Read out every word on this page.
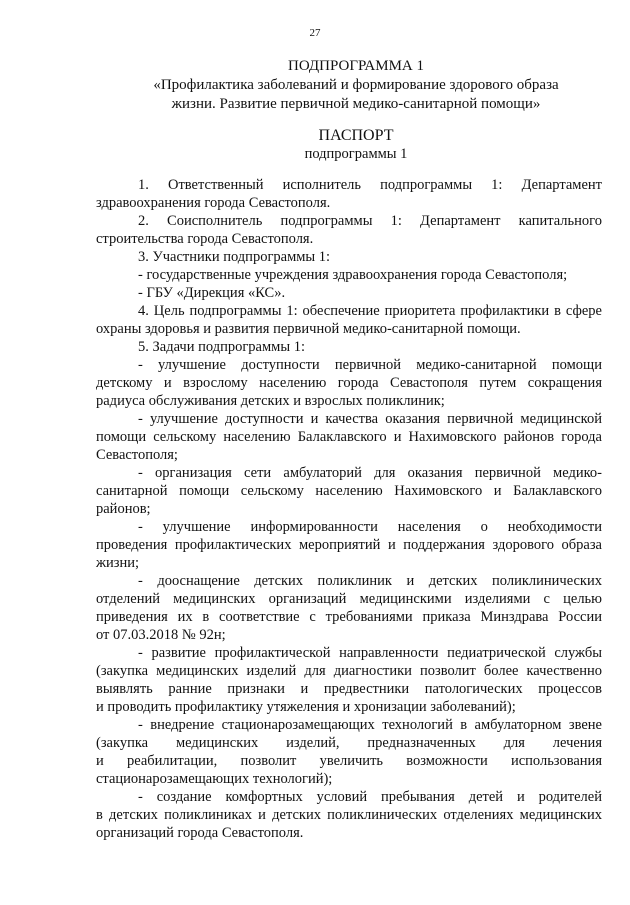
27
ПОДПРОГРАММА 1
«Профилактика заболеваний и формирование здорового образа
жизни. Развитие первичной медико-санитарной помощи»
ПАСПОРТ
подпрограммы 1
1. Ответственный исполнитель подпрограммы 1: Департамент
здравоохранения города Севастополя.
2. Соисполнитель подпрограммы 1: Департамент капитального
строительства города Севастополя.
3. Участники подпрограммы 1:
- государственные учреждения здравоохранения города Севастополя;
- ГБУ «Дирекция «КС».
4. Цель подпрограммы 1: обеспечение приоритета профилактики в сфере
охраны здоровья и развития первичной медико-санитарной помощи.
5. Задачи подпрограммы 1:
- улучшение доступности первичной медико-санитарной помощи
детскому и взрослому населению города Севастополя путем сокращения
радиуса обслуживания детских и взрослых поликлиник;
- улучшение доступности и качества оказания первичной медицинской
помощи сельскому населению Балаклавского и Нахимовского районов города
Севастополя;
- организация сети амбулаторий для оказания первичной медико-
санитарной помощи сельскому населению Нахимовского и Балаклавского
районов;
- улучшение информированности населения о необходимости
проведения профилактических мероприятий и поддержания здорового образа
жизни;
- дооснащение детских поликлиник и детских поликлинических
отделений медицинских организаций медицинскими изделиями с целью
приведения их в соответствие с требованиями приказа Минздрава России
от 07.03.2018 № 92н;
- развитие профилактической направленности педиатрической службы
(закупка медицинских изделий для диагностики позволит более качественно
выявлять ранние признаки и предвестники патологических процессов
и проводить профилактику утяжеления и хронизации заболеваний);
- внедрение стационарозамещающих технологий в амбулаторном звене
(закупка медицинских изделий, предназначенных для лечения
и реабилитации, позволит увеличить возможности использования
стационарозамещающих технологий);
- создание комфортных условий пребывания детей и родителей
в детских поликлиниках и детских поликлинических отделениях медицинских
организаций города Севастополя.
